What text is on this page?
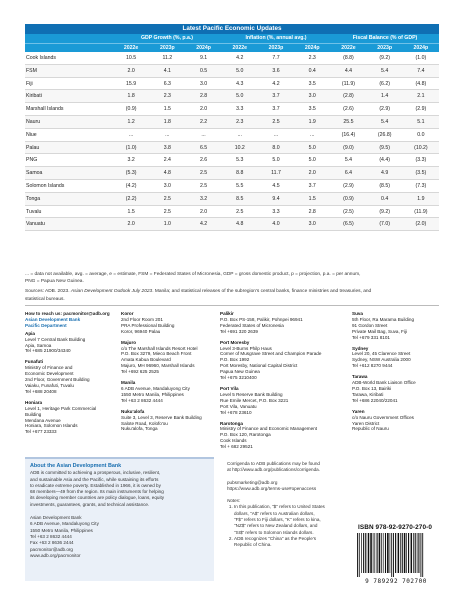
Latest Pacific Economic Updates
GDP Growth (%, p.a.)	Inflation (%, annual avg.)	Fiscal Balance (% of GDP)
2022e	2023p	2024p	2022e	2023p	2024p	2022e	2023p	2024p
Cook Islands	10.5	11.2	9.1	4.2	7.7	2.3	(8.8)	(9.2)	(1.0)
FSM	2.0	4.1	0.5	5.0	3.6	0.4	4.4	5.4	7.4
Fiji	15.9	6.3	3.0	4.3	4.2	3.5	(11.9)	(6.2)	(4.8)
Kiribati	1.8	2.3	2.8	5.0	3.7	3.0	(2.8)	1.4	2.1
Marshall Islands	(0.9)	1.5	2.0	3.3	3.7	3.5	(2.6)	(2.9)	(2.9)
Nauru	1.2	1.8	2.2	2.3	2.5	1.9	25.5	5.4	5.1
Niue	...	...	...	...	...	...	(16.4)	(26.8)	0.0
Palau	(1.0)	3.8	6.5	10.2	8.0	5.0	(9.0)	(9.5)	(10.2)
PNG	3.2	2.4	2.6	5.3	5.0	5.0	5.4	(4.4)	(3.3)
Samoa	(5.3)	4.8	2.5	8.8	11.7	2.0	6.4	4.9	(3.5)
Solomon Islands	(4.2)	3.0	2.5	5.5	4.5	3.7	(2.9)	(8.5)	(7.3)
Tonga	(2.2)	2.5	3.2	8.5	9.4	1.5	(0.9)	0.4	1.9
Tuvalu	1.5	2.5	2.0	2.5	3.3	2.8	(2.5)	(9.2)	(11.9)
Vanuatu	2.0	1.0	4.2	4.8	4.0	3.0	(6.5)	(7.0)	(2.0)

... = data not available, avg. = average, e = estimate, FSM = Federated States of Micronesia, GDP = gross domestic product, p = projection, p.a. = per annum,
PNG = Papua New Guinea.

Sources: ADB. 2023. Asian Development Outlook July 2023. Manila; and statistical releases of the subregion's central banks, finance ministries and treasuries, and
statistical bureaus.

How to reach us: pacmonitor@adb.org
Asian Development Bank
Pacific Department
Apia
Level 7 Central Bank Building
Apia, Samoa
Tel +685 21900/34340
Funafuti
Ministry of Finance and
Economic Development
2nd Floor, Government Building
Vaiaku, Funafuti, Tuvalu
Tel +688 20408
Honiara
Level 1, Heritage Park Commercial
Building
Mendana Avenue
Honiara, Solomon Islands
Tel +677 23333
Koror
2nd Floor Room 201
PRA Professional Building
Koror, 96940 Palau
Majuro
c/o The Marshall Islands Resort Hotel
P.O. Box 3279, Mieco Beach Front
Amata Kabua Boulevard
Majuro, MH 96960, Marshall Islands
Tel +692 625 2525
Manila
6 ADB Avenue, Mandaluyong City
1550 Metro Manila, Philippines
Tel +63 2 8632 4444
Nuku'alofa
Suite 3, Level 3, Reserve Bank Building
Salote Road, Kolofo'ou
Nuku'alofa, Tonga
Palikir
P.O. Box PS-158, Palikir, Pohnpei 96941
Federated States of Micronesia
Tel +691 320 2639
Port Moresby
Level 3-Burns Philp Haus
Corner of Musgrave Street and Champion Parade
P.O. Box 1992
Port Moresby, National Capital District
Papua New Guinea
Tel +675 3210400
Port Vila
Level 5 Reserve Bank Building
Rue Emile Mercet, P.O. Box 3221
Port Vila, Vanuatu
Tel +678 23610
Rarotonga
Ministry of Finance and Economic Management
P.O. Box 120, Rarotonga
Cook Islands
Tel + 682 29521
Suva
5th Floor, Ra Marama Building
91 Gordon Street
Private Mail Bag, Suva, Fiji
Tel +679 331 8101
Sydney
Level 20, 45 Clarence Street
Sydney, NSW Australia 2000
Tel +612 8270 9444
Tarawa
ADB-World Bank Liaison Office
P.O. Box 13, Bairiki
Tarawa, Kiribati
Tel +686 22040/22041
Yaren
c/o Nauru Government Offices
Yaren District
Republic of Nauru
About the Asian Development Bank
ADB is committed to achieving a prosperous, inclusive, resilient,
and sustainable Asia and the Pacific, while sustaining its efforts
to eradicate extreme poverty. Established in 1966, it is owned by
68 members—49 from the region. Its main instruments for helping
its developing member countries are policy dialogue, loans, equity
investments, guarantees, grants, and technical assistance.
Asian Development Bank
6 ADB Avenue, Mandaluyong City
1550 Metro Manila, Philippines
Tel +63 2 8632 4444
Fax +63 2 8636 2444
pacmonitor@adb.org
www.adb.org/pacmonitor
Corrigenda to ADB publications may be found
at http://www.adb.org/publications/corrigenda.
pubsmarketing@adb.org
https://www.adb.org/terms-use#openaccess
Notes:
1. In this publication, "$" refers to United States
dollars, "A$" refers to Australian dollars,
"F$" refers to Fiji dollars, "K" refers to kina,
"NZ$" refers to New Zealand dollars, and
"SI$" refers to Solomon Islands dollars.
2. ADB recognizes "China" as the People's
Republic of China.
ISBN 978-92-9270-270-0
9 789292 702700
